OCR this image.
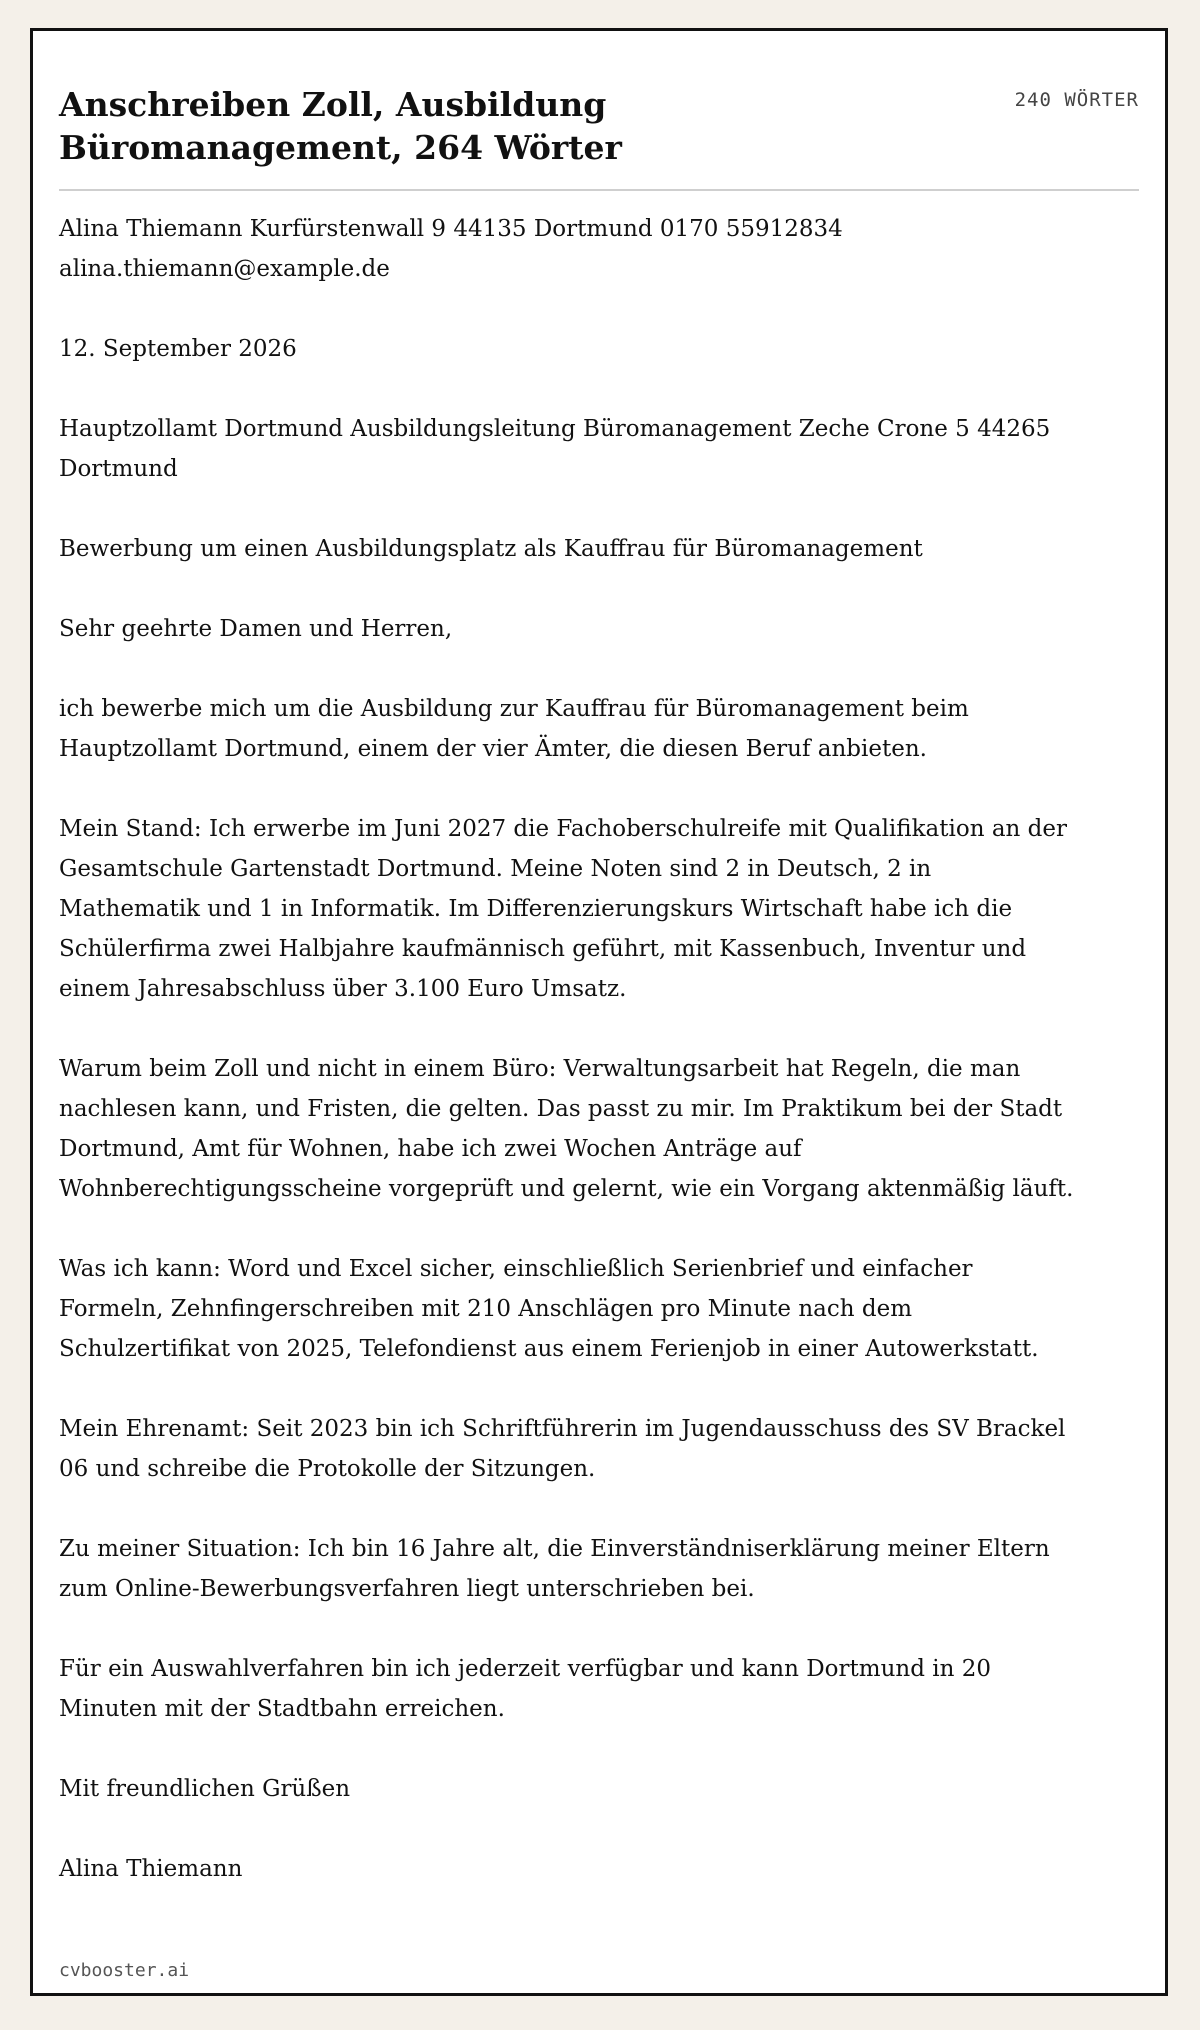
Anschreiben Zoll, Ausbildung Büromanagement, 264 Wörter
240 WÖRTER

Alina Thiemann Kurfürstenwall 9 44135 Dortmund 0170 55912834 alina.thiemann@example.de

12. September 2026

Hauptzollamt Dortmund Ausbildungsleitung Büromanagement Zeche Crone 5 44265 Dortmund

Bewerbung um einen Ausbildungsplatz als Kauffrau für Büromanagement

Sehr geehrte Damen und Herren,

ich bewerbe mich um die Ausbildung zur Kauffrau für Büromanagement beim Hauptzollamt Dortmund, einem der vier Ämter, die diesen Beruf anbieten.

Mein Stand: Ich erwerbe im Juni 2027 die Fachoberschulreife mit Qualifikation an der Gesamtschule Gartenstadt Dortmund. Meine Noten sind 2 in Deutsch, 2 in Mathematik und 1 in Informatik. Im Differenzierungskurs Wirtschaft habe ich die Schülerfirma zwei Halbjahre kaufmännisch geführt, mit Kassenbuch, Inventur und einem Jahresabschluss über 3.100 Euro Umsatz.

Warum beim Zoll und nicht in einem Büro: Verwaltungsarbeit hat Regeln, die man nachlesen kann, und Fristen, die gelten. Das passt zu mir. Im Praktikum bei der Stadt Dortmund, Amt für Wohnen, habe ich zwei Wochen Anträge auf Wohnberechtigungsscheine vorgeprüft und gelernt, wie ein Vorgang aktenmäßig läuft.

Was ich kann: Word und Excel sicher, einschließlich Serienbrief und einfacher Formeln, Zehnfingerschreiben mit 210 Anschlägen pro Minute nach dem Schulzertifikat von 2025, Telefondienst aus einem Ferienjob in einer Autowerkstatt.

Mein Ehrenamt: Seit 2023 bin ich Schriftführerin im Jugendausschuss des SV Brackel 06 und schreibe die Protokolle der Sitzungen.

Zu meiner Situation: Ich bin 16 Jahre alt, die Einverständniserklärung meiner Eltern zum Online-Bewerbungsverfahren liegt unterschrieben bei.

Für ein Auswahlverfahren bin ich jederzeit verfügbar und kann Dortmund in 20 Minuten mit der Stadtbahn erreichen.

Mit freundlichen Grüßen

Alina Thiemann

cvbooster.ai
